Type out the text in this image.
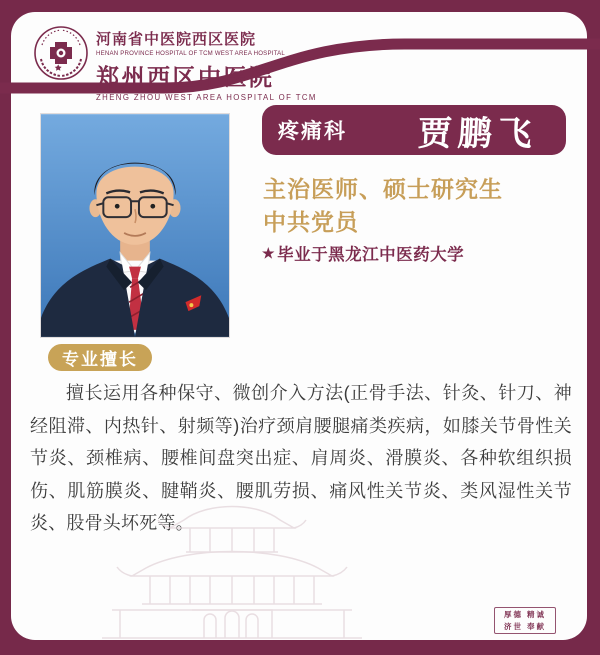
河南省中医院西区医院
HENAN PROVINCE HOSPITAL OF TCM WEST AREA HOSPITAL
郑州西区中医院
ZHENG ZHOU WEST AREA HOSPITAL OF TCM
疼痛科 贾鹏飞
主治医师、硕士研究生
中共党员
★ 毕业于黑龙江中医药大学
专业擅长
擅长运用各种保守、微创介入方法(正骨手法、针灸、针刀、神经阻滞、内热针、射频等)治疗颈肩腰腿痛类疾病，如膝关节骨性关节炎、颈椎病、腰椎间盘突出症、肩周炎、滑膜炎、各种软组织损伤、肌筋膜炎、腱鞘炎、腰肌劳损、痛风性关节炎、类风湿性关节炎、股骨头坏死等。
厚德 精诚
济世 奉献
